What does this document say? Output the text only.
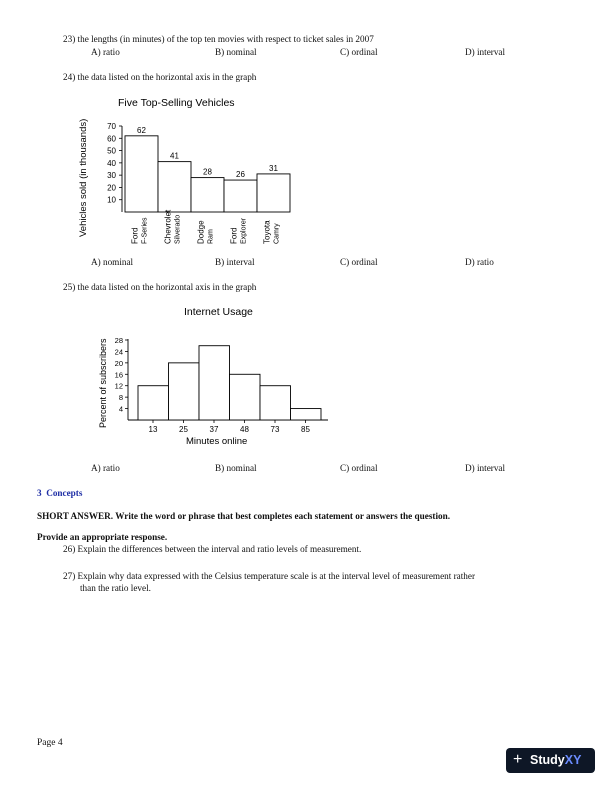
23) the lengths (in minutes) of the top ten movies with respect to ticket sales in 2007
A) ratio	B) nominal	C) ordinal	D) interval
24) the data listed on the horizontal axis in the graph
Five Top-Selling Vehicles
Vehicles sold (in thousands) 10
20
30
40
50
60
70	62
41
28	26
31
Ford F-Series Chevrolet Silverado Dodge Ram Ford Explorer Toyota Camry
A) nominal	B) interval	C) ordinal	D) ratio
25) the data listed on the horizontal axis in the graph
Internet Usage
Percent of subscribers 4
8
12
16
20
24
28
13	25	37	48	73	85
Minutes online
A) ratio	B) nominal	C) ordinal	D) interval
3 Concepts
SHORT ANSWER. Write the word or phrase that best completes each statement or answers the question.
Provide an appropriate response.
26) Explain the differences between the interval and ratio levels of measurement.
27) Explain why data expressed with the Celsius temperature scale is at the interval level of measurement rather
than the ratio level.
Page 4
+ StudyXY
